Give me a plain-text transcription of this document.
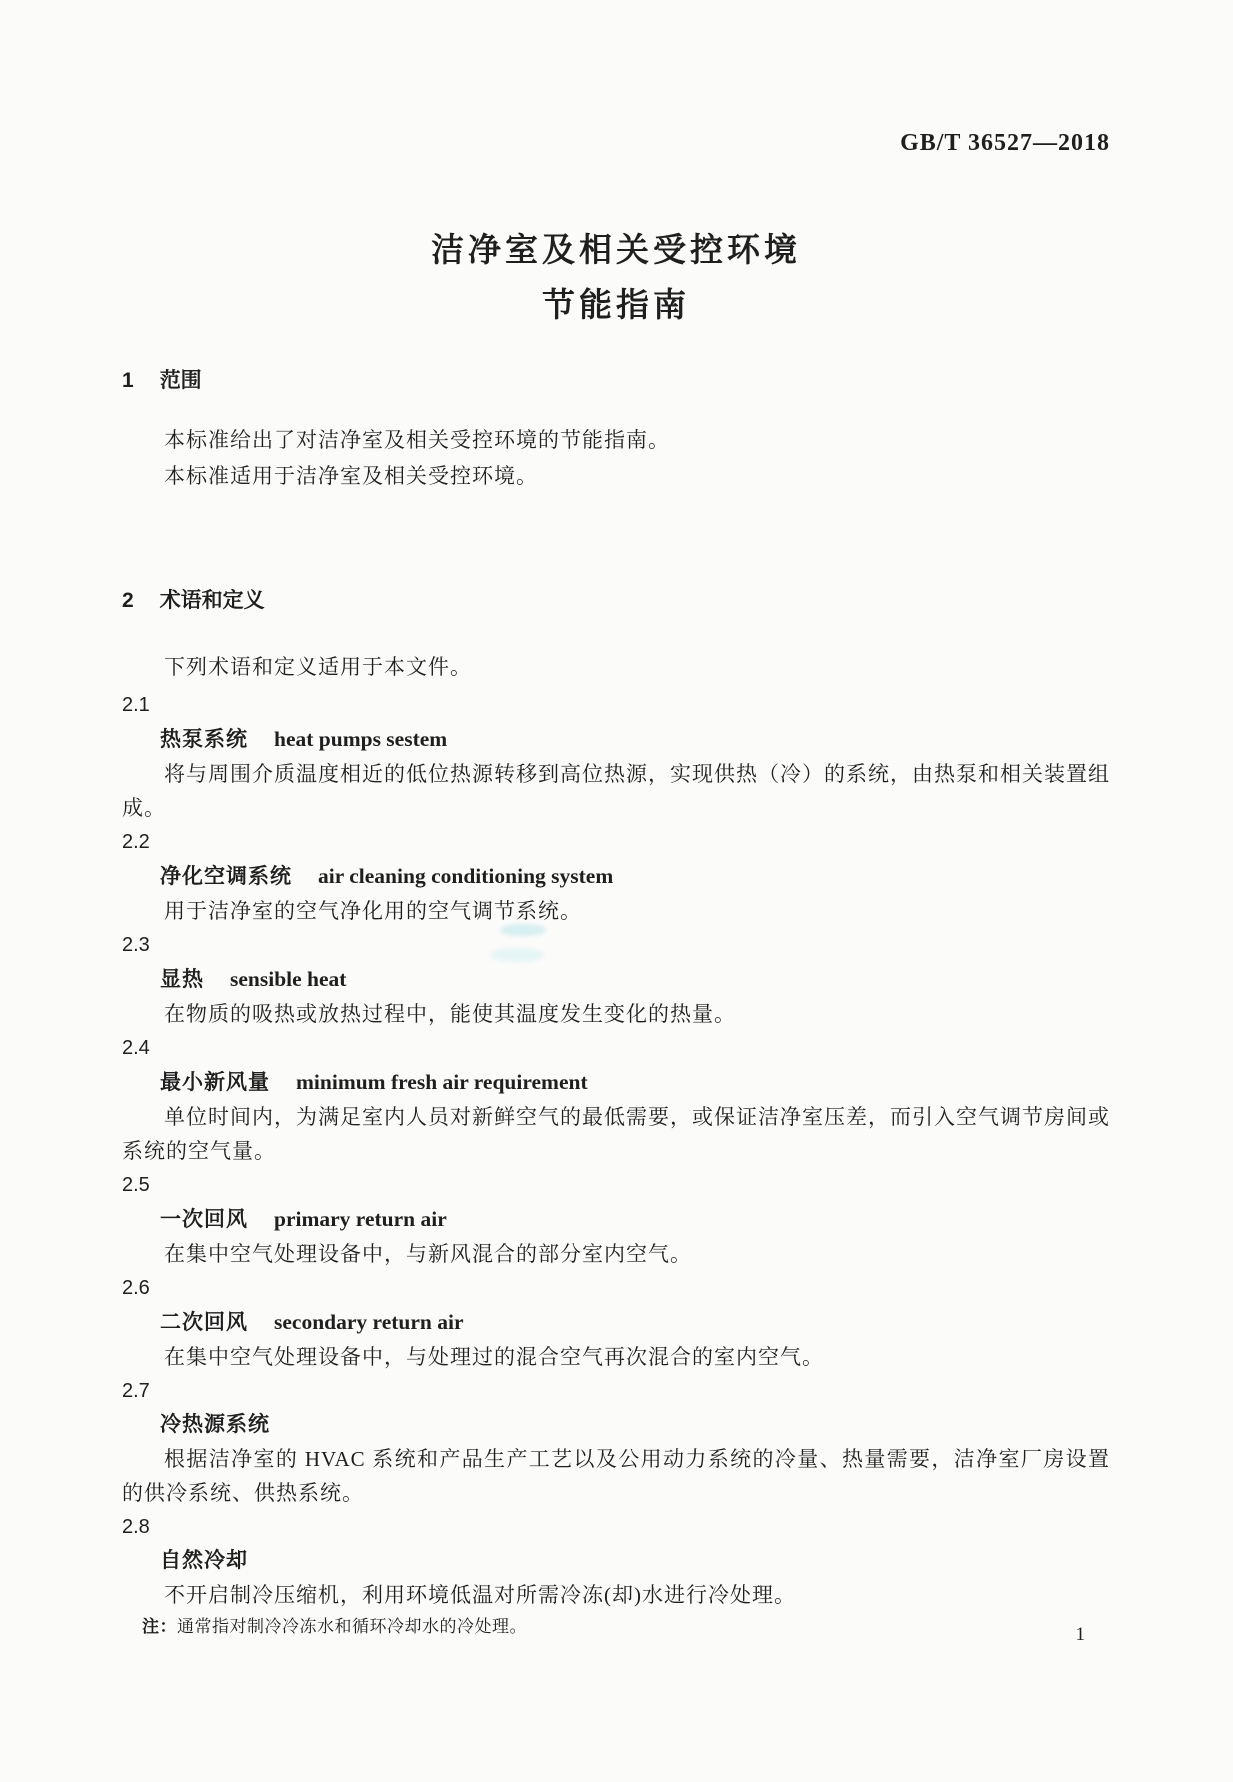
GB/T 36527—2018
洁净室及相关受控环境
节能指南
1 范围

本标准给出了对洁净室及相关受控环境的节能指南。

本标准适用于洁净室及相关受控环境。

2 术语和定义

下列术语和定义适用于本文件。

2.1
热泵系统 heat pumps sestem

将与周围介质温度相近的低位热源转移到高位热源，实现供热（冷）的系统，由热泵和相关装置组成。

2.2
净化空调系统 air cleaning conditioning system

用于洁净室的空气净化用的空气调节系统。

2.3
显热 sensible heat

在物质的吸热或放热过程中，能使其温度发生变化的热量。

2.4
最小新风量 minimum fresh air requirement

单位时间内，为满足室内人员对新鲜空气的最低需要，或保证洁净室压差，而引入空气调节房间或系统的空气量。

2.5
一次回风 primary return air

在集中空气处理设备中，与新风混合的部分室内空气。

2.6
二次回风 secondary return air

在集中空气处理设备中，与处理过的混合空气再次混合的室内空气。

2.7
冷热源系统

根据洁净室的 HVAC 系统和产品生产工艺以及公用动力系统的冷量、热量需要，洁净室厂房设置的供冷系统、供热系统。

2.8
自然冷却

不开启制冷压缩机，利用环境低温对所需冷冻(却)水进行冷处理。

注：通常指对制冷冷冻水和循环冷却水的冷处理。	1
